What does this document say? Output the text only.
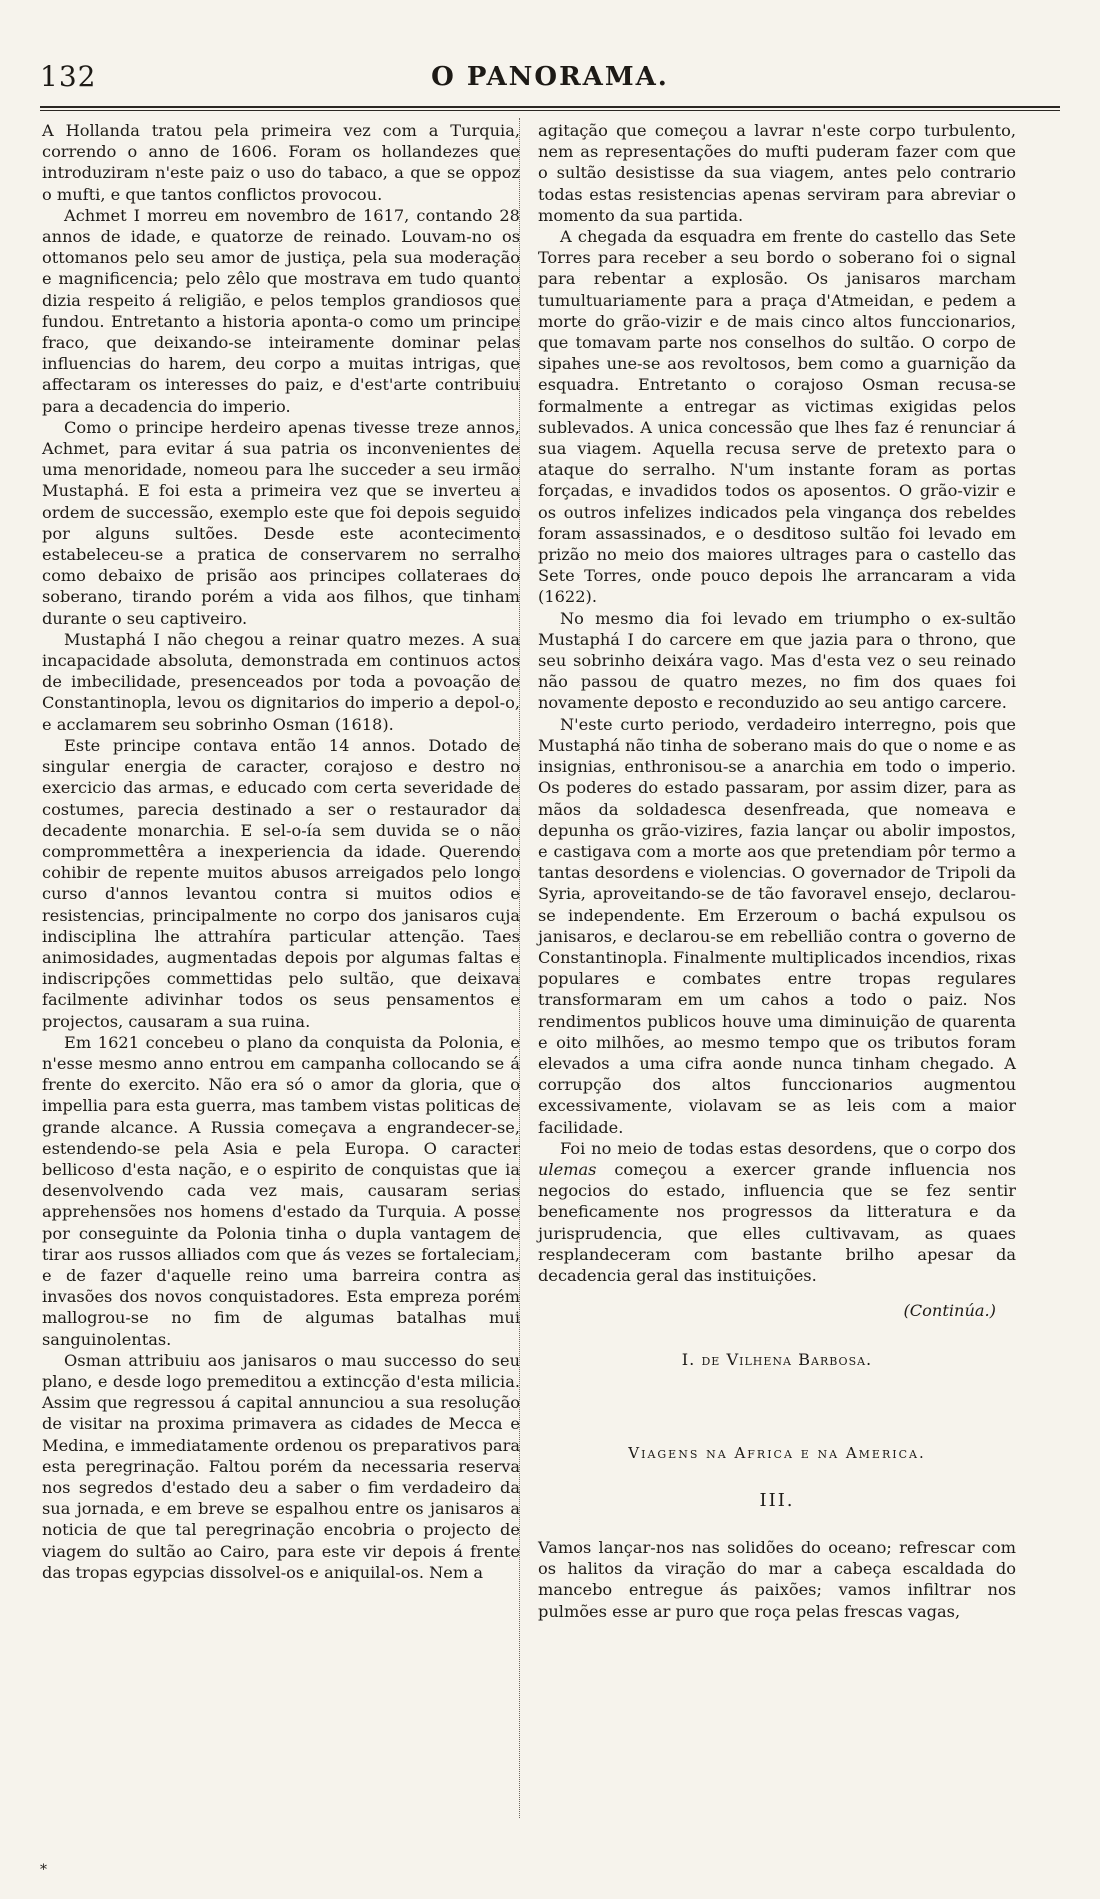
132	O PANORAMA.

A Hollanda tratou pela primeira vez com a Turquia, correndo o anno de 1606. Foram os hollandezes que introduziram n'este paiz o uso do tabaco, a que se oppoz o mufti, e que tantos conflictos provocou.

Achmet I morreu em novembro de 1617, contando 28 annos de idade, e quatorze de reinado. Louvam-no os ottomanos pelo seu amor de justiça, pela sua moderação e magnificencia; pelo zêlo que mostrava em tudo quanto dizia respeito á religião, e pelos templos grandiosos que fundou. Entretanto a historia aponta-o como um principe fraco, que deixando-se inteiramente dominar pelas influencias do harem, deu corpo a muitas intrigas, que affectaram os interesses do paiz, e d'est'arte contribuiu para a decadencia do imperio.

Como o principe herdeiro apenas tivesse treze annos, Achmet, para evitar á sua patria os inconvenientes de uma menoridade, nomeou para lhe succeder a seu irmão Mustaphá. E foi esta a primeira vez que se inverteu a ordem de successão, exemplo este que foi depois seguido por alguns sultões. Desde este acontecimento estabeleceu-se a pratica de conservarem no serralho como debaixo de prisão aos principes collateraes do soberano, tirando porém a vida aos filhos, que tinham durante o seu captiveiro.

Mustaphá I não chegou a reinar quatro mezes. A sua incapacidade absoluta, demonstrada em continuos actos de imbecilidade, presenceados por toda a povoação de Constantinopla, levou os dignitarios do imperio a depol-o, e acclamarem seu sobrinho Osman (1618).

Este principe contava então 14 annos. Dotado de singular energia de caracter, corajoso e destro no exercicio das armas, e educado com certa severidade de costumes, parecia destinado a ser o restaurador da decadente monarchia. E sel-o-ía sem duvida se o não comprommettêra a inexperiencia da idade. Querendo cohibir de repente muitos abusos arreigados pelo longo curso d'annos levantou contra si muitos odios e resistencias, principalmente no corpo dos janisaros cuja indisciplina lhe attrahíra particular attenção. Taes animosidades, augmentadas depois por algumas faltas e indiscripções commettidas pelo sultão, que deixava facilmente adivinhar todos os seus pensamentos e projectos, causaram a sua ruina.

Em 1621 concebeu o plano da conquista da Polonia, e n'esse mesmo anno entrou em campanha collocando se á frente do exercito. Não era só o amor da gloria, que o impellia para esta guerra, mas tambem vistas politicas de grande alcance. A Russia começava a engrandecer-se, estendendo-se pela Asia e pela Europa. O caracter bellicoso d'esta nação, e o espirito de conquistas que ia desenvolvendo cada vez mais, causaram serias apprehensões nos homens d'estado da Turquia. A posse por conseguinte da Polonia tinha o dupla vantagem de tirar aos russos alliados com que ás vezes se fortaleciam, e de fazer d'aquelle reino uma barreira contra as invasões dos novos conquistadores. Esta empreza porém mallogrou-se no fim de algumas batalhas mui sanguinolentas.

Osman attribuiu aos janisaros o mau successo do seu plano, e desde logo premeditou a extincção d'esta milicia. Assim que regressou á capital annunciou a sua resolução de visitar na proxima primavera as cidades de Mecca e Medina, e immediatamente ordenou os preparativos para esta peregrinação. Faltou porém da necessaria reserva nos segredos d'estado deu a saber o fim verdadeiro da sua jornada, e em breve se espalhou entre os janisaros a noticia de que tal peregrinação encobria o projecto de viagem do sultão ao Cairo, para este vir depois á frente das tropas egypcias dissolvel-os e aniquilal-os. Nem a

agitação que começou a lavrar n'este corpo turbulento, nem as representações do mufti puderam fazer com que o sultão desistisse da sua viagem, antes pelo contrario todas estas resistencias apenas serviram para abreviar o momento da sua partida.

A chegada da esquadra em frente do castello das Sete Torres para receber a seu bordo o soberano foi o signal para rebentar a explosão. Os janisaros marcham tumultuariamente para a praça d'Atmeidan, e pedem a morte do grão-vizir e de mais cinco altos funccionarios, que tomavam parte nos conselhos do sultão. O corpo de sipahes une-se aos revoltosos, bem como a guarnição da esquadra. Entretanto o corajoso Osman recusa-se formalmente a entregar as victimas exigidas pelos sublevados. A unica concessão que lhes faz é renunciar á sua viagem. Aquella recusa serve de pretexto para o ataque do serralho. N'um instante foram as portas forçadas, e invadidos todos os aposentos. O grão-vizir e os outros infelizes indicados pela vingança dos rebeldes foram assassinados, e o desditoso sultão foi levado em prizão no meio dos maiores ultrages para o castello das Sete Torres, onde pouco depois lhe arrancaram a vida (1622).

No mesmo dia foi levado em triumpho o ex-sultão Mustaphá I do carcere em que jazia para o throno, que seu sobrinho deixára vago. Mas d'esta vez o seu reinado não passou de quatro mezes, no fim dos quaes foi novamente deposto e reconduzido ao seu antigo carcere.

N'este curto periodo, verdadeiro interregno, pois que Mustaphá não tinha de soberano mais do que o nome e as insignias, enthronisou-se a anarchia em todo o imperio. Os poderes do estado passaram, por assim dizer, para as mãos da soldadesca desenfreada, que nomeava e depunha os grão-vizires, fazia lançar ou abolir impostos, e castigava com a morte aos que pretendiam pôr termo a tantas desordens e violencias. O governador de Tripoli da Syria, aproveitando-se de tão favoravel ensejo, declarou-se independente. Em Erzeroum o bachá expulsou os janisaros, e declarou-se em rebellião contra o governo de Constantinopla. Finalmente multiplicados incendios, rixas populares e combates entre tropas regulares transformaram em um cahos a todo o paiz. Nos rendimentos publicos houve uma diminuição de quarenta e oito milhões, ao mesmo tempo que os tributos foram elevados a uma cifra aonde nunca tinham chegado. A corrupção dos altos funccionarios augmentou excessivamente, violavam se as leis com a maior facilidade.

Foi no meio de todas estas desordens, que o corpo dos ulemas começou a exercer grande influencia nos negocios do estado, influencia que se fez sentir beneficamente nos progressos da litteratura e da jurisprudencia, que elles cultivavam, as quaes resplandeceram com bastante brilho apesar da decadencia geral das instituições.

(Continúa.)
I. de Vilhena Barbosa.
Viagens na Africa e na America.
III.

Vamos lançar-nos nas solidões do oceano; refrescar com os halitos da viração do mar a cabeça escaldada do mancebo entregue ás paixões; vamos infiltrar nos pulmões esse ar puro que roça pelas frescas vagas,

*
